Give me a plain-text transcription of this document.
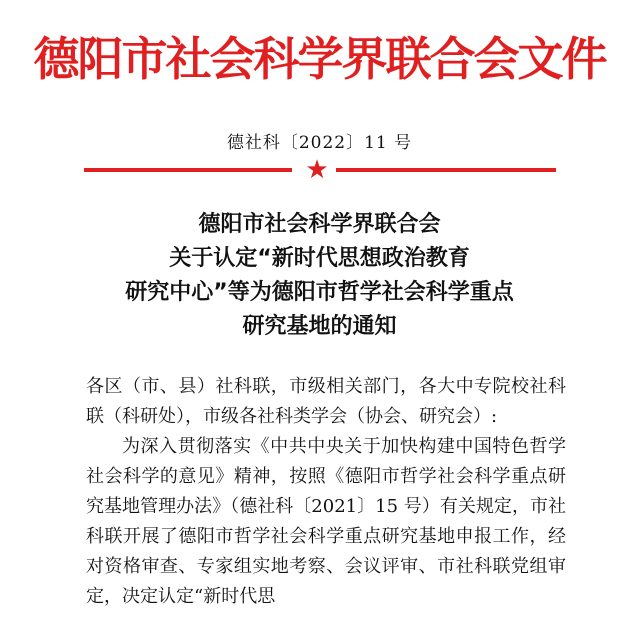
德阳市社会科学界联合会文件
德社科〔2022〕11 号
★
德阳市社会科学界联合会
关于认定“新时代思想政治教育
研究中心”等为德阳市哲学社会科学重点
研究基地的通知

各区（市、县）社科联，市级相关部门，各大中专院校社科联（科研处），市级各社科类学会（协会、研究会）:

为深入贯彻落实《中共中央关于加快构建中国特色哲学社会科学的意见》精神，按照《德阳市哲学社会科学重点研究基地管理办法》（德社科〔2021〕15 号）有关规定，市社科联开展了德阳市哲学社会科学重点研究基地申报工作，经对资格审查、专家组实地考察、会议评审、市社科联党组审定，决定认定“新时代思
